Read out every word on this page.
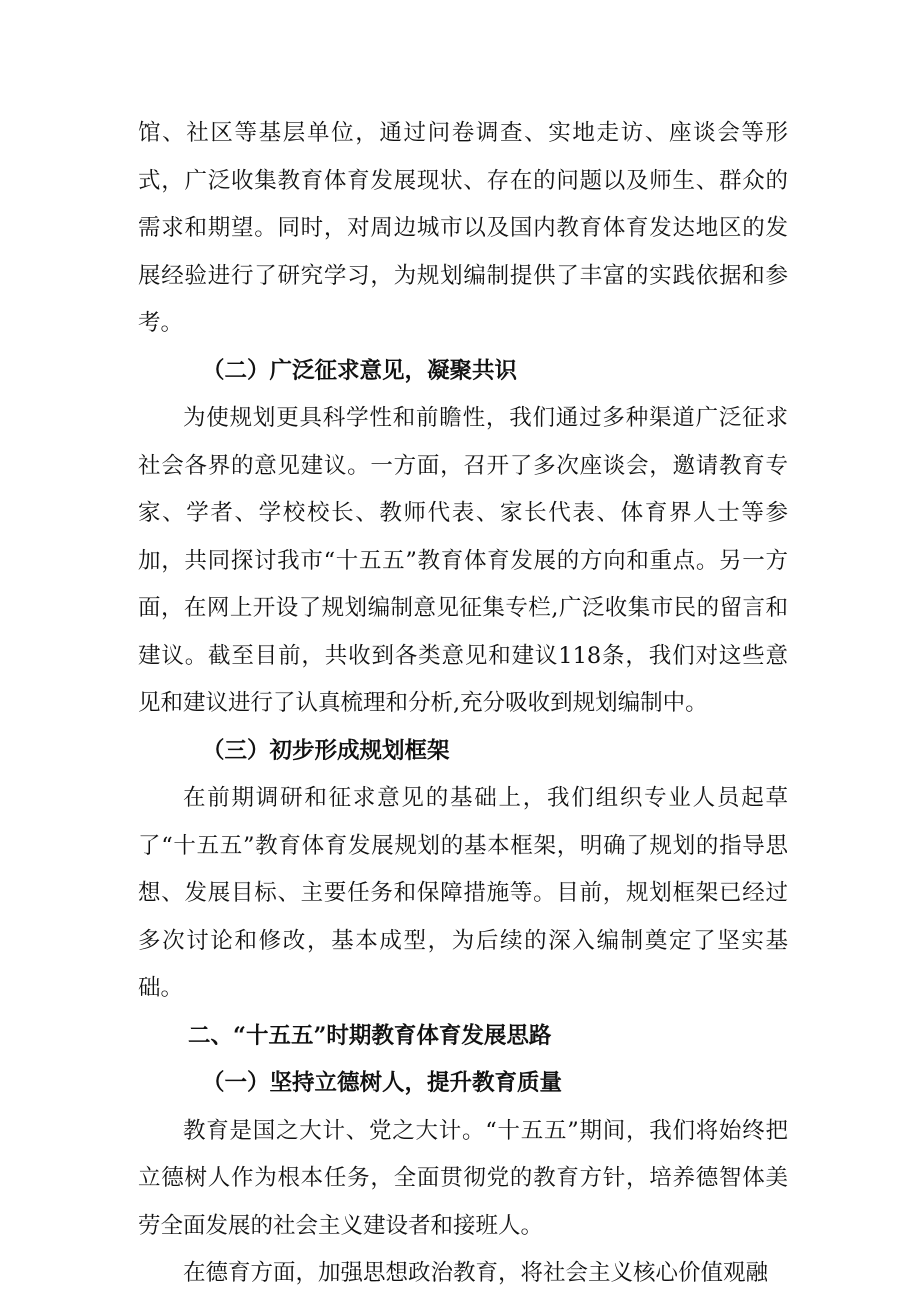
馆、社区等基层单位，通过问卷调查、实地走访、座谈会等形式，广泛收集教育体育发展现状、存在的问题以及师生、群众的需求和期望。同时，对周边城市以及国内教育体育发达地区的发展经验进行了研究学习，为规划编制提供了丰富的实践依据和参考。

（二）广泛征求意见，凝聚共识

为使规划更具科学性和前瞻性，我们通过多种渠道广泛征求社会各界的意见建议。一方面，召开了多次座谈会，邀请教育专家、学者、学校校长、教师代表、家长代表、体育界人士等参加，共同探讨我市“十五五”教育体育发展的方向和重点。另一方面，在网上开设了规划编制意见征集专栏,广泛收集市民的留言和建议。截至目前，共收到各类意见和建议118条，我们对这些意见和建议进行了认真梳理和分析,充分吸收到规划编制中。

（三）初步形成规划框架

在前期调研和征求意见的基础上，我们组织专业人员起草了“十五五”教育体育发展规划的基本框架，明确了规划的指导思想、发展目标、主要任务和保障措施等。目前，规划框架已经过多次讨论和修改，基本成型，为后续的深入编制奠定了坚实基础。

二、“十五五”时期教育体育发展思路

（一）坚持立德树人，提升教育质量

教育是国之大计、党之大计。“十五五”期间，我们将始终把立德树人作为根本任务，全面贯彻党的教育方针，培养德智体美劳全面发展的社会主义建设者和接班人。

在德育方面，加强思想政治教育，将社会主义核心价值观融
